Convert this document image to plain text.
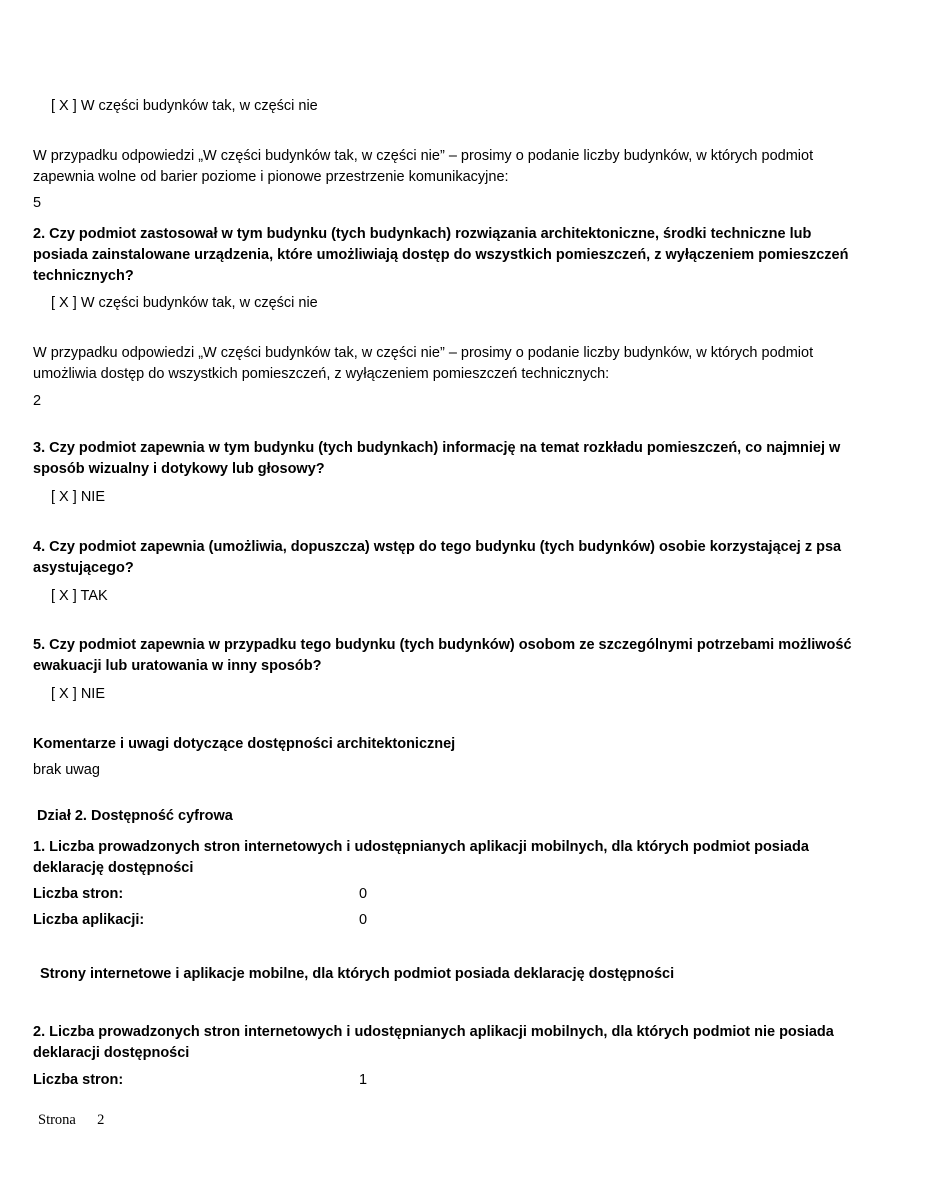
[ X ] W części budynków tak, w części nie
W przypadku odpowiedzi „W części budynków tak, w części nie” – prosimy o podanie liczby budynków, w których podmiot
zapewnia wolne od barier poziome i pionowe przestrzenie komunikacyjne:
5
2. Czy podmiot zastosował w tym budynku (tych budynkach) rozwiązania architektoniczne, środki techniczne lub
posiada zainstalowane urządzenia, które umożliwiają dostęp do wszystkich pomieszczeń, z wyłączeniem pomieszczeń
technicznych?
[ X ] W części budynków tak, w części nie
W przypadku odpowiedzi „W części budynków tak, w części nie” – prosimy o podanie liczby budynków, w których podmiot
umożliwia dostęp do wszystkich pomieszczeń, z wyłączeniem pomieszczeń technicznych:
2
3. Czy podmiot zapewnia w tym budynku (tych budynkach) informację na temat rozkładu pomieszczeń, co najmniej w
sposób wizualny i dotykowy lub głosowy?
[ X ] NIE
4. Czy podmiot zapewnia (umożliwia, dopuszcza) wstęp do tego budynku (tych budynków) osobie korzystającej z psa
asystującego?
[ X ] TAK
5. Czy podmiot zapewnia w przypadku tego budynku (tych budynków) osobom ze szczególnymi potrzebami możliwość
ewakuacji lub uratowania w inny sposób?
[ X ] NIE
Komentarze i uwagi dotyczące dostępności architektonicznej
brak uwag
Dział 2. Dostępność cyfrowa
1. Liczba prowadzonych stron internetowych i udostępnianych aplikacji mobilnych, dla których podmiot posiada
deklarację dostępności
Liczba stron:	0
Liczba aplikacji:	0
Strony internetowe i aplikacje mobilne, dla których podmiot posiada deklarację dostępności
2. Liczba prowadzonych stron internetowych i udostępnianych aplikacji mobilnych, dla których podmiot nie posiada
deklaracji dostępności
Liczba stron:	1
Strona 2
